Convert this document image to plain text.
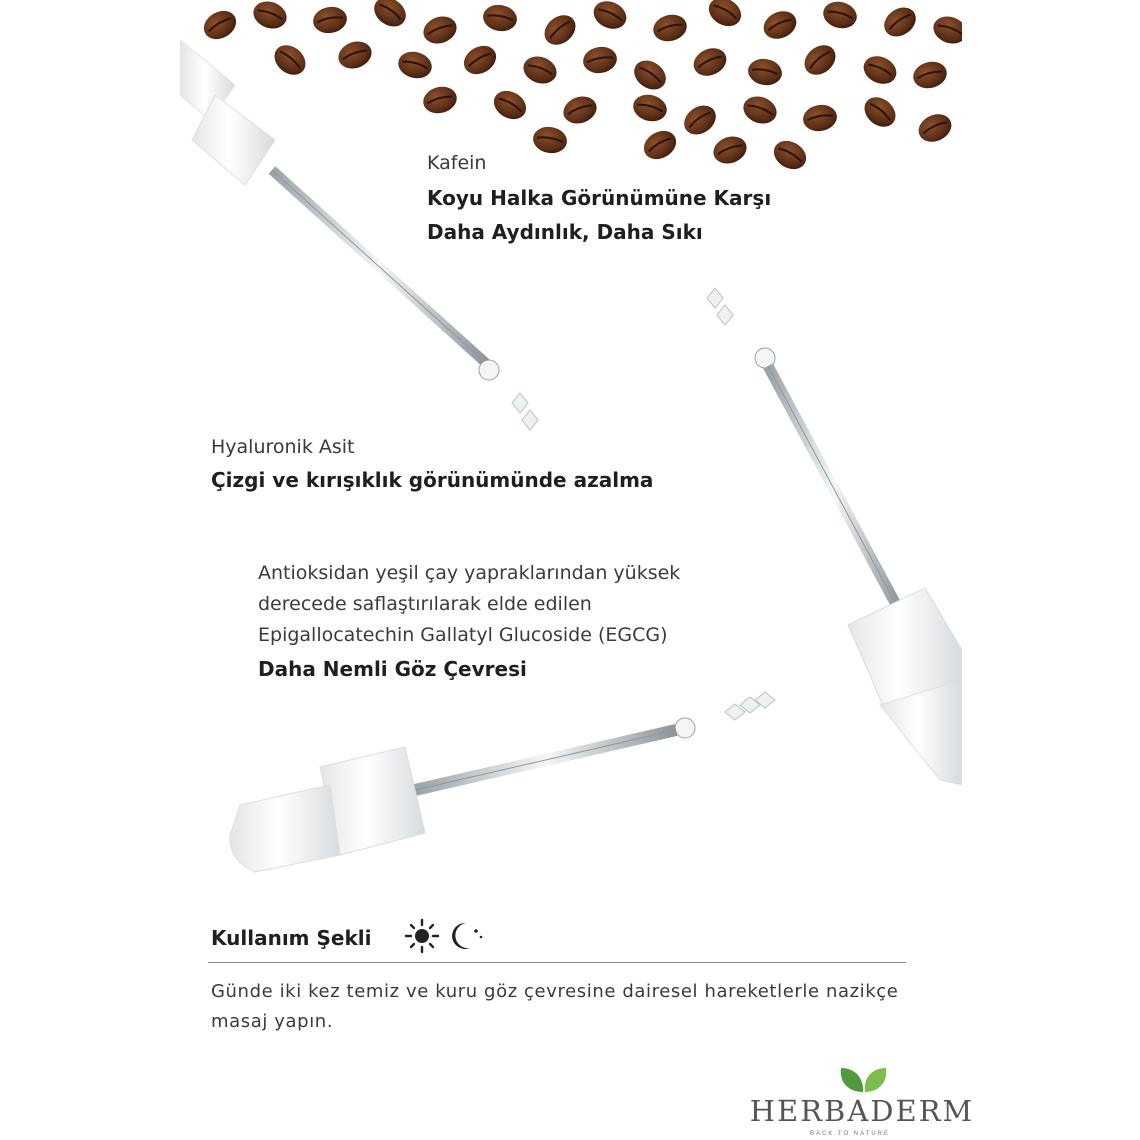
Kafein
Koyu Halka Görünümüne Karşı
Daha Aydınlık, Daha Sıkı
Hyaluronik Asit
Çizgi ve kırışıklık görünümünde azalma
Antioksidan yeşil çay yapraklarından yüksek
derecede saflaştırılarak elde edilen
Epigallocatechin Gallatyl Glucoside (EGCG)
Daha Nemli Göz Çevresi
Kullanım Şekli
Günde iki kez temiz ve kuru göz çevresine dairesel hareketlerle nazikçe masaj yapın.
HERBADERM
BACK TO NATURE
